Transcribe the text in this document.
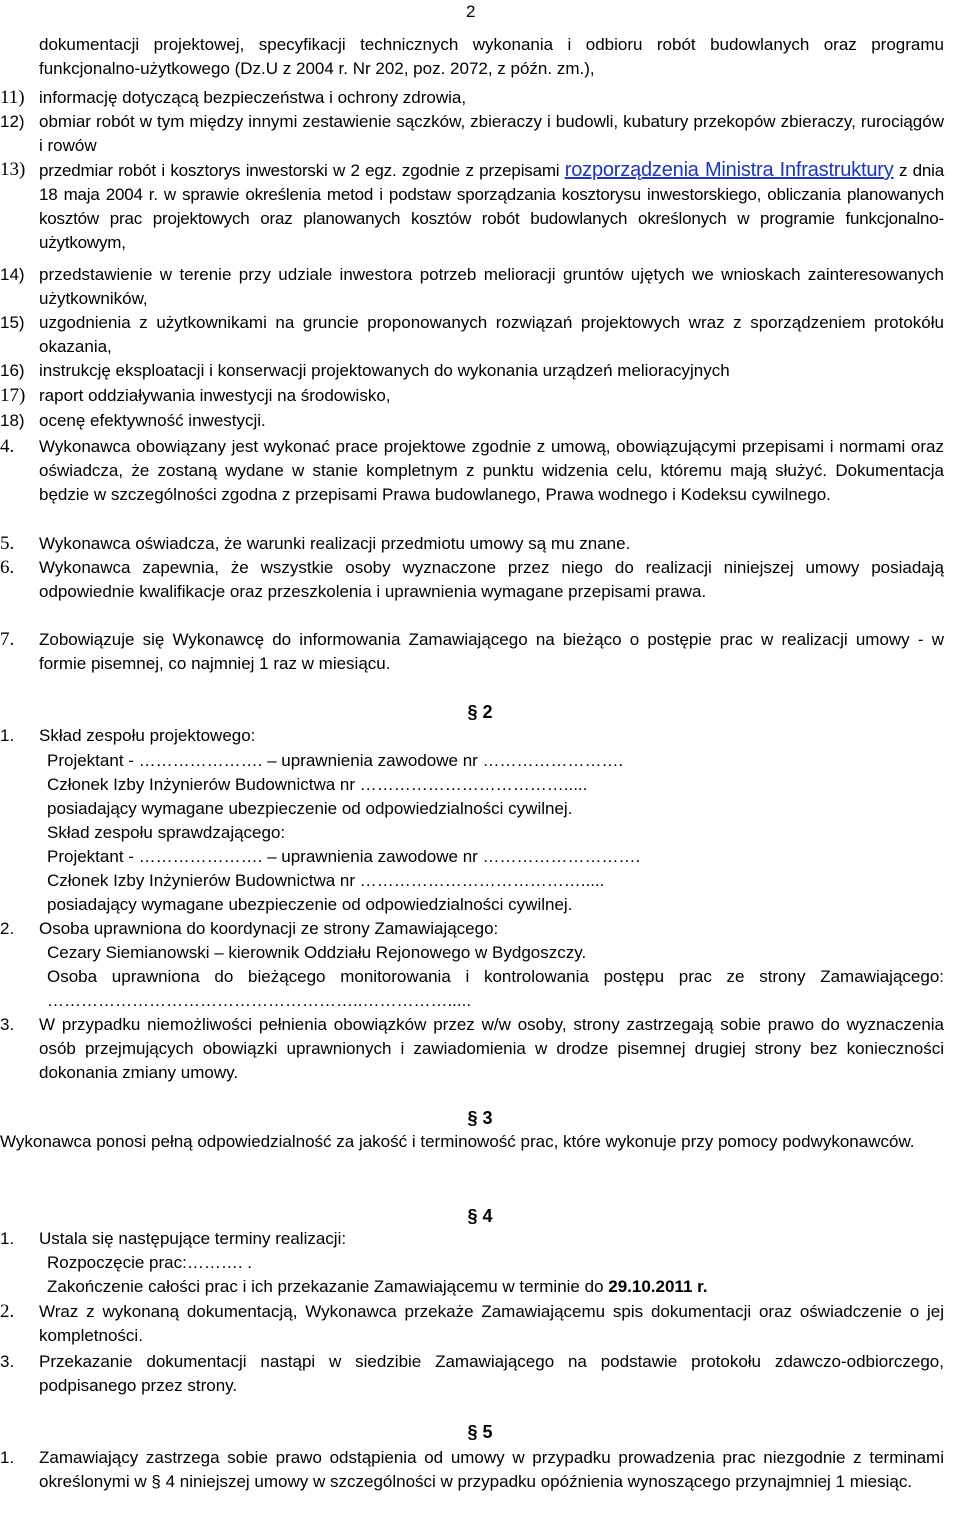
2
dokumentacji projektowej, specyfikacji technicznych wykonania i odbioru robót budowlanych oraz programu funkcjonalno-użytkowego (Dz.U z 2004 r. Nr 202, poz. 2072, z późn. zm.),
11) informację dotyczącą bezpieczeństwa i ochrony zdrowia,
12) obmiar robót w tym między innymi zestawienie sączków, zbieraczy i budowli, kubatury przekopów zbieraczy, rurociągów i rowów
13) przedmiar robót i kosztorys inwestorski w 2 egz. zgodnie z przepisami rozporządzenia Ministra Infrastruktury z dnia 18 maja 2004 r. w sprawie określenia metod i podstaw sporządzania kosztorysu inwestorskiego, obliczania planowanych kosztów prac projektowych oraz planowanych kosztów robót budowlanych określonych w programie funkcjonalno-użytkowym,
14) przedstawienie w terenie przy udziale inwestora potrzeb melioracji gruntów ujętych we wnioskach zainteresowanych użytkowników,
15) uzgodnienia z użytkownikami na gruncie proponowanych rozwiązań projektowych wraz z sporządzeniem protokółu okazania,
16) instrukcję eksploatacji i konserwacji projektowanych do wykonania urządzeń melioracyjnych
17) raport oddziaływania inwestycji na środowisko,
18) ocenę efektywność inwestycji.
4. Wykonawca obowiązany jest wykonać prace projektowe zgodnie z umową, obowiązującymi przepisami i normami oraz oświadcza, że zostaną wydane w stanie kompletnym z punktu widzenia celu, któremu mają służyć. Dokumentacja będzie w szczególności zgodna z przepisami Prawa budowlanego, Prawa wodnego i Kodeksu cywilnego.
5. Wykonawca oświadcza, że warunki realizacji przedmiotu umowy są mu znane.
6. Wykonawca zapewnia, że wszystkie osoby wyznaczone przez niego do realizacji niniejszej umowy posiadają odpowiednie kwalifikacje oraz przeszkolenia i uprawnienia wymagane przepisami prawa.
7. Zobowiązuje się Wykonawcę do informowania Zamawiającego na bieżąco o postępie prac w realizacji umowy - w formie pisemnej, co najmniej 1 raz w miesiącu.
§ 2
1. Skład zespołu projektowego:
Projektant - …………………. – uprawnienia zawodowe nr …………………….
Członek Izby Inżynierów Budownictwa nr ……………………………….....
posiadający wymagane ubezpieczenie od odpowiedzialności cywilnej.
Skład zespołu sprawdzającego:
Projektant - …………………. – uprawnienia zawodowe nr ……………………….
Członek Izby Inżynierów Budownictwa nr ………………………………….....
posiadający wymagane ubezpieczenie od odpowiedzialności cywilnej.
2. Osoba uprawniona do koordynacji ze strony Zamawiającego:
Cezary Siemianowski – kierownik Oddziału Rejonowego w Bydgoszczy.
Osoba uprawniona do bieżącego monitorowania i kontrolowania postępu prac ze strony Zamawiającego: ………………………………………………..…………….....
3. W przypadku niemożliwości pełnienia obowiązków przez w/w osoby, strony zastrzegają sobie prawo do wyznaczenia osób przejmujących obowiązki uprawnionych i zawiadomienia w drodze pisemnej drugiej strony bez konieczności dokonania zmiany umowy.
§ 3
Wykonawca ponosi pełną odpowiedzialność za jakość i terminowość prac, które wykonuje przy pomocy podwykonawców.
§ 4
1. Ustala się następujące terminy realizacji:
Rozpoczęcie prac:………. .
Zakończenie całości prac i ich przekazanie Zamawiającemu w terminie do 29.10.2011 r.
2. Wraz z wykonaną dokumentacją, Wykonawca przekaże Zamawiającemu spis dokumentacji oraz oświadczenie o jej kompletności.
3. Przekazanie dokumentacji nastąpi w siedzibie Zamawiającego na podstawie protokołu zdawczo-odbiorczego, podpisanego przez strony.
§ 5
1. Zamawiający zastrzega sobie prawo odstąpienia od umowy w przypadku prowadzenia prac niezgodnie z terminami określonymi w § 4 niniejszej umowy w szczególności w przypadku opóźnienia wynoszącego przynajmniej 1 miesiąc.
